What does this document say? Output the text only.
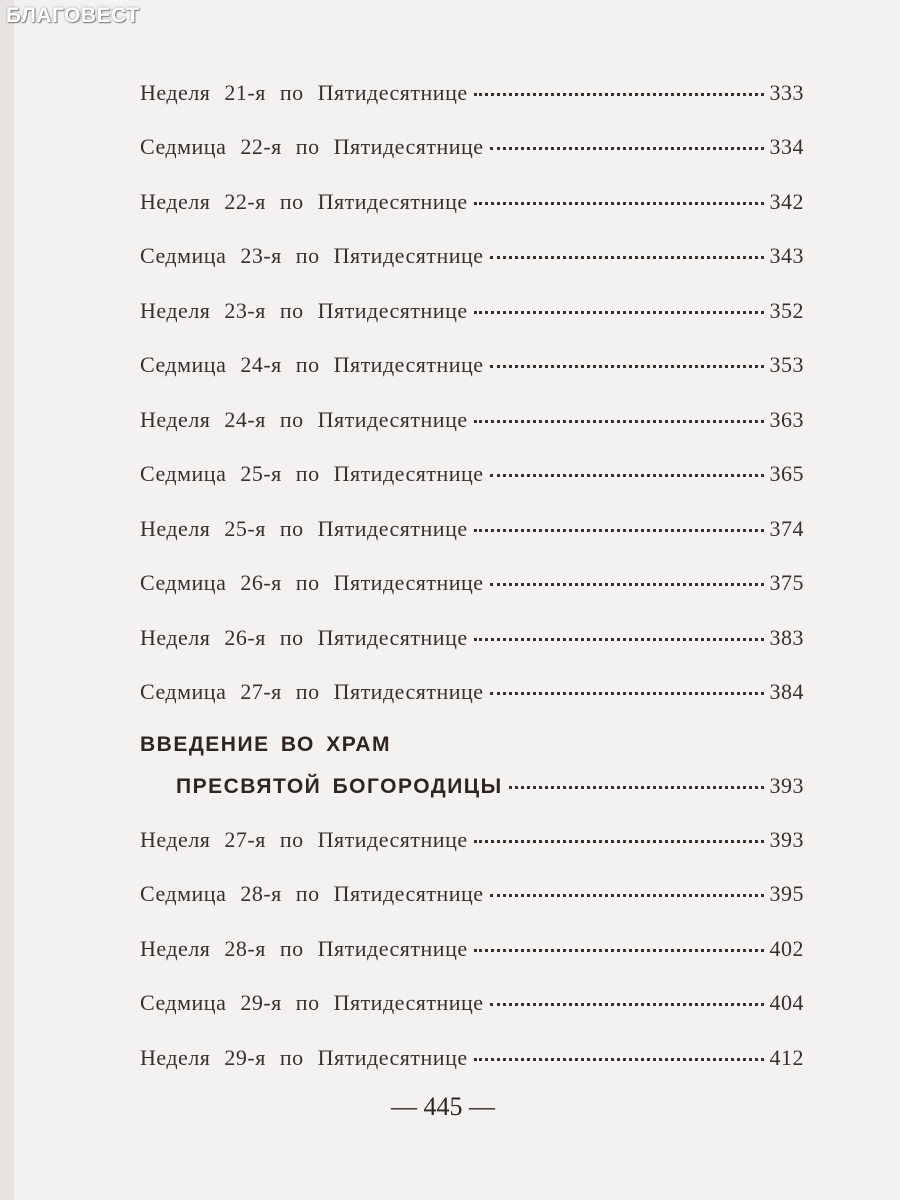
Неделя 21-я по Пятидесятнице	333
Седмица 22-я по Пятидесятнице	334
Неделя 22-я по Пятидесятнице	342
Седмица 23-я по Пятидесятнице	343
Неделя 23-я по Пятидесятнице	352
Седмица 24-я по Пятидесятнице	353
Неделя 24-я по Пятидесятнице	363
Седмица 25-я по Пятидесятнице	365
Неделя 25-я по Пятидесятнице	374
Седмица 26-я по Пятидесятнице	375
Неделя 26-я по Пятидесятнице	383
Седмица 27-я по Пятидесятнице	384
ВВЕДЕНИЕ ВО ХРАМ
ПРЕСВЯТОЙ БОГОРОДИЦЫ	393
Неделя 27-я по Пятидесятнице	393
Седмица 28-я по Пятидесятнице	395
Неделя 28-я по Пятидесятнице	402
Седмица 29-я по Пятидесятнице	404
Неделя 29-я по Пятидесятнице	412
— 445 —
БЛАГОВЕСТ
